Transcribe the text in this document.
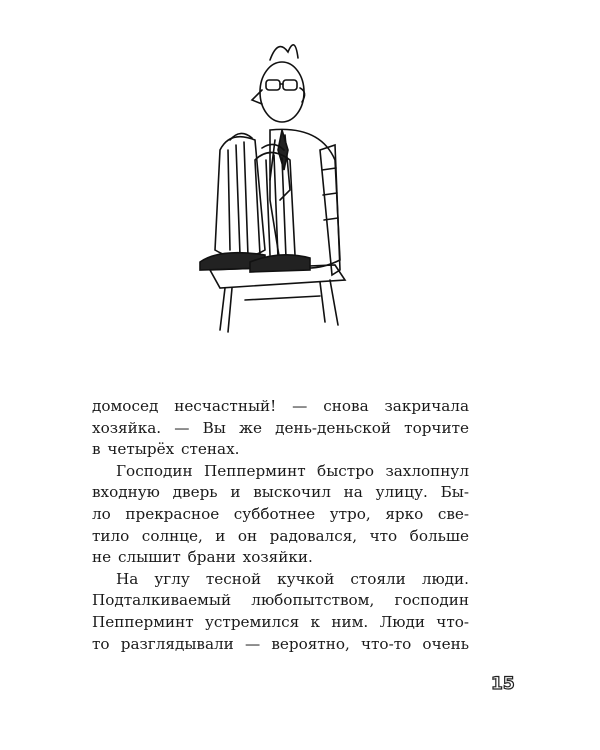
домосед несчастный! — снова закричала
хозяйка. — Вы же день-деньской торчите
в четырёх стенах.
Господин Пепперминт быстро захлопнул
входную дверь и выскочил на улицу. Бы-
ло прекрасное субботнее утро, ярко све-
тило солнце, и он радовался, что больше
не слышит брани хозяйки.
На углу тесной кучкой стояли люди.
Подталкиваемый любопытством, господин
Пепперминт устремился к ним. Люди что-
то разглядывали — вероятно, что-то очень
15
